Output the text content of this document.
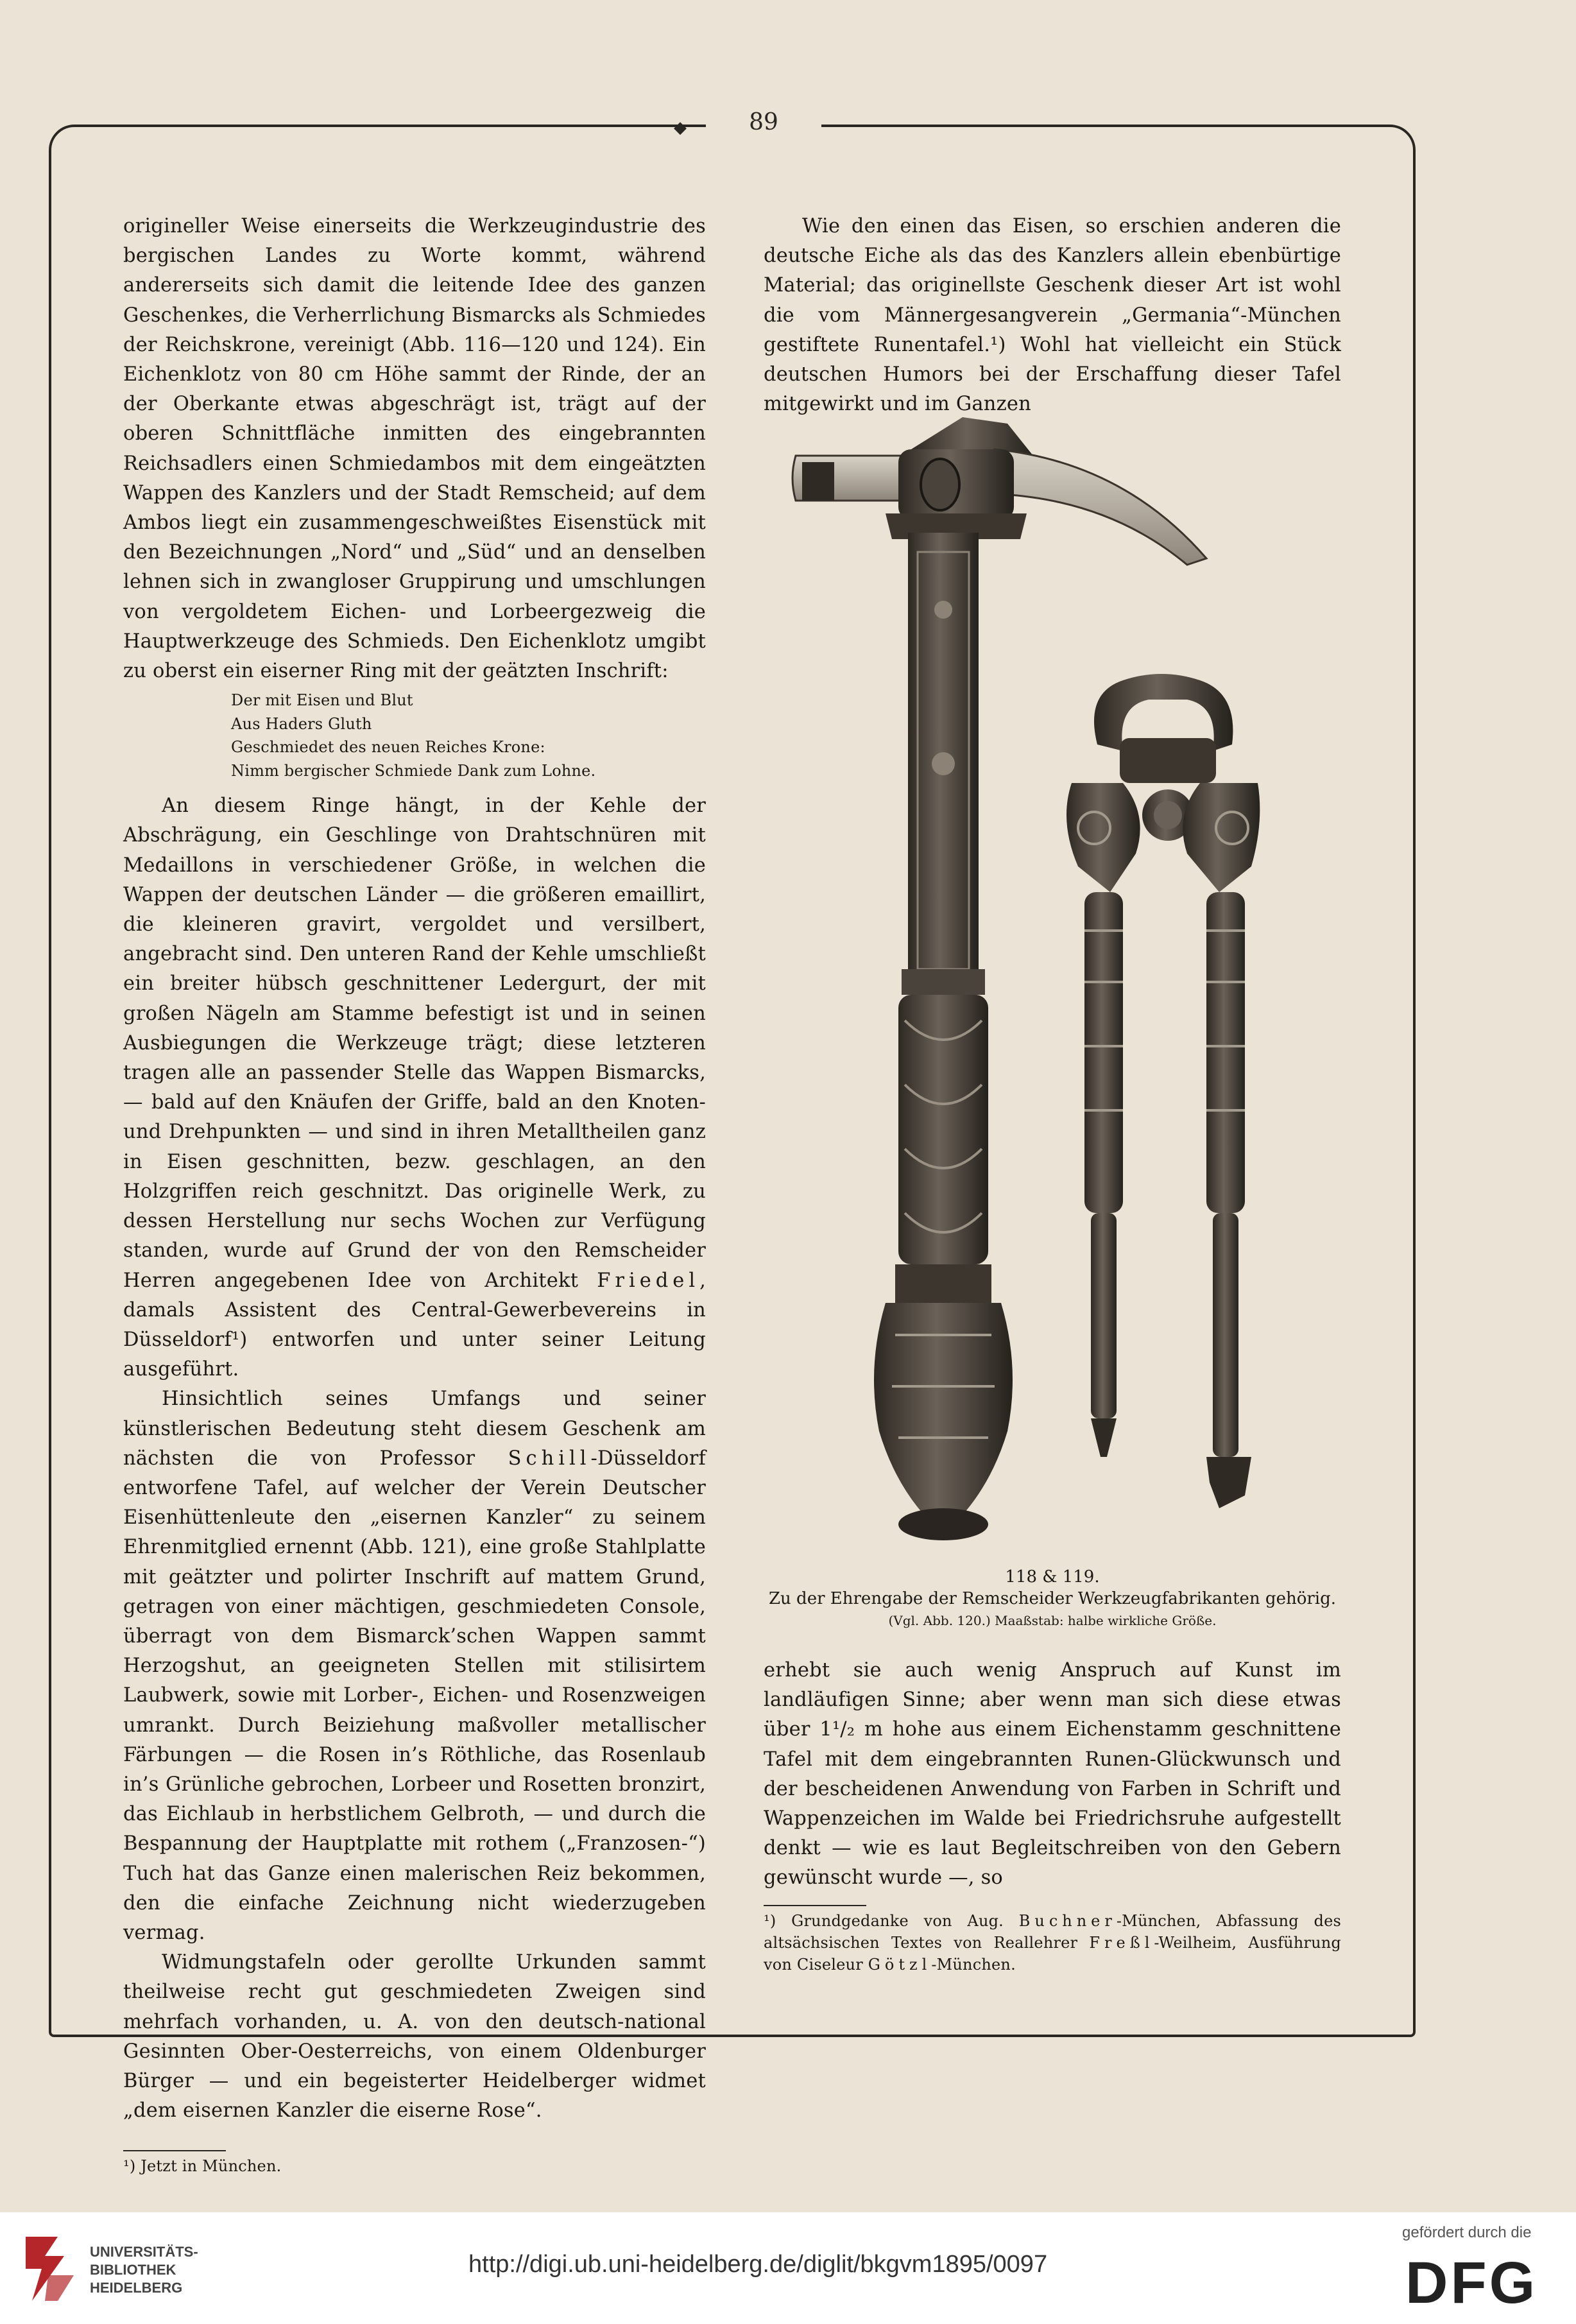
◆	89

origineller Weise einerseits die Werkzeugindustrie des bergischen Landes zu Worte kommt, während andererseits sich damit die leitende Idee des ganzen Geschenkes, die Verherrlichung Bismarcks als Schmiedes der Reichskrone, vereinigt (Abb. 116—120 und 124). Ein Eichenklotz von 80 cm Höhe sammt der Rinde, der an der Oberkante etwas abgeschrägt ist, trägt auf der oberen Schnittfläche inmitten des eingebrannten Reichsadlers einen Schmiedambos mit dem eingeätzten Wappen des Kanzlers und der Stadt Remscheid; auf dem Ambos liegt ein zusammengeschweißtes Eisenstück mit den Bezeichnungen „Nord“ und „Süd“ und an denselben lehnen sich in zwangloser Gruppirung und umschlungen von vergoldetem Eichen- und Lorbeergezweig die Hauptwerkzeuge des Schmieds. Den Eichenklotz umgibt zu oberst ein eiserner Ring mit der geätzten Inschrift:

Der mit Eisen und Blut
Aus Haders Gluth
Geschmiedet des neuen Reiches Krone:
Nimm bergischer Schmiede Dank zum Lohne.

An diesem Ringe hängt, in der Kehle der Abschrägung, ein Geschlinge von Drahtschnüren mit Medaillons in verschiedener Größe, in welchen die Wappen der deutschen Länder — die größeren emaillirt, die kleineren gravirt, vergoldet und versilbert, angebracht sind. Den unteren Rand der Kehle umschließt ein breiter hübsch geschnittener Ledergurt, der mit großen Nägeln am Stamme befestigt ist und in seinen Ausbiegungen die Werkzeuge trägt; diese letzteren tragen alle an passender Stelle das Wappen Bismarcks, — bald auf den Knäufen der Griffe, bald an den Knoten- und Drehpunkten — und sind in ihren Metalltheilen ganz in Eisen geschnitten, bezw. geschlagen, an den Holzgriffen reich geschnitzt. Das originelle Werk, zu dessen Herstellung nur sechs Wochen zur Verfügung standen, wurde auf Grund der von den Remscheider Herren angegebenen Idee von Architekt Friedel, damals Assistent des Central-Gewerbevereins in Düsseldorf¹) entworfen und unter seiner Leitung ausgeführt.

Hinsichtlich seines Umfangs und seiner künstlerischen Bedeutung steht diesem Geschenk am nächsten die von Professor Schill-Düsseldorf entworfene Tafel, auf welcher der Verein Deutscher Eisenhüttenleute den „eisernen Kanzler“ zu seinem Ehrenmitglied ernennt (Abb. 121), eine große Stahlplatte mit geätzter und polirter Inschrift auf mattem Grund, getragen von einer mächtigen, geschmiedeten Console, überragt von dem Bismarck’schen Wappen sammt Herzogshut, an geeigneten Stellen mit stilisirtem Laubwerk, sowie mit Lorber-, Eichen- und Rosenzweigen umrankt. Durch Beiziehung maßvoller metallischer Färbungen — die Rosen in’s Röthliche, das Rosenlaub in’s Grünliche gebrochen, Lorbeer und Rosetten bronzirt, das Eichlaub in herbstlichem Gelbroth, — und durch die Bespannung der Hauptplatte mit rothem („Franzosen-“) Tuch hat das Ganze einen malerischen Reiz bekommen, den die einfache Zeichnung nicht wiederzugeben vermag.

Widmungstafeln oder gerollte Urkunden sammt theilweise recht gut geschmiedeten Zweigen sind mehrfach vorhanden, u. A. von den deutsch-national Gesinnten Ober-Oesterreichs, von einem Oldenburger Bürger — und ein begeisterter Heidelberger widmet „dem eisernen Kanzler die eiserne Rose“.

¹) Jetzt in München.

Wie den einen das Eisen, so erschien anderen die deutsche Eiche als das des Kanzlers allein ebenbürtige Material; das originellste Geschenk dieser Art ist wohl die vom Männergesangverein „Germania“-München gestiftete Runentafel.¹) Wohl hat vielleicht ein Stück deutschen Humors bei der Erschaffung dieser Tafel mitgewirkt und im Ganzen

118 & 119.
Zu der Ehrengabe der Remscheider Werkzeugfabrikanten gehörig.
(Vgl. Abb. 120.) Maaßstab: halbe wirkliche Größe.

erhebt sie auch wenig Anspruch auf Kunst im landläufigen Sinne; aber wenn man sich diese etwas über 1¹/₂ m hohe aus einem Eichenstamm geschnittene Tafel mit dem eingebrannten Runen-Glückwunsch und der bescheidenen Anwendung von Farben in Schrift und Wappenzeichen im Walde bei Friedrichsruhe aufgestellt denkt — wie es laut Begleitschreiben von den Gebern gewünscht wurde —, so

¹) Grundgedanke von Aug. Buchner-München, Abfassung des altsächsischen Textes von Reallehrer Freßl-Weilheim, Ausführung von Ciseleur Götzl-München.
UNIVERSITÄTS-
BIBLIOTHEK
HEIDELBERG
http://digi.ub.uni-heidelberg.de/diglit/bkgvm1895/0097
gefördert durch die
DFG
